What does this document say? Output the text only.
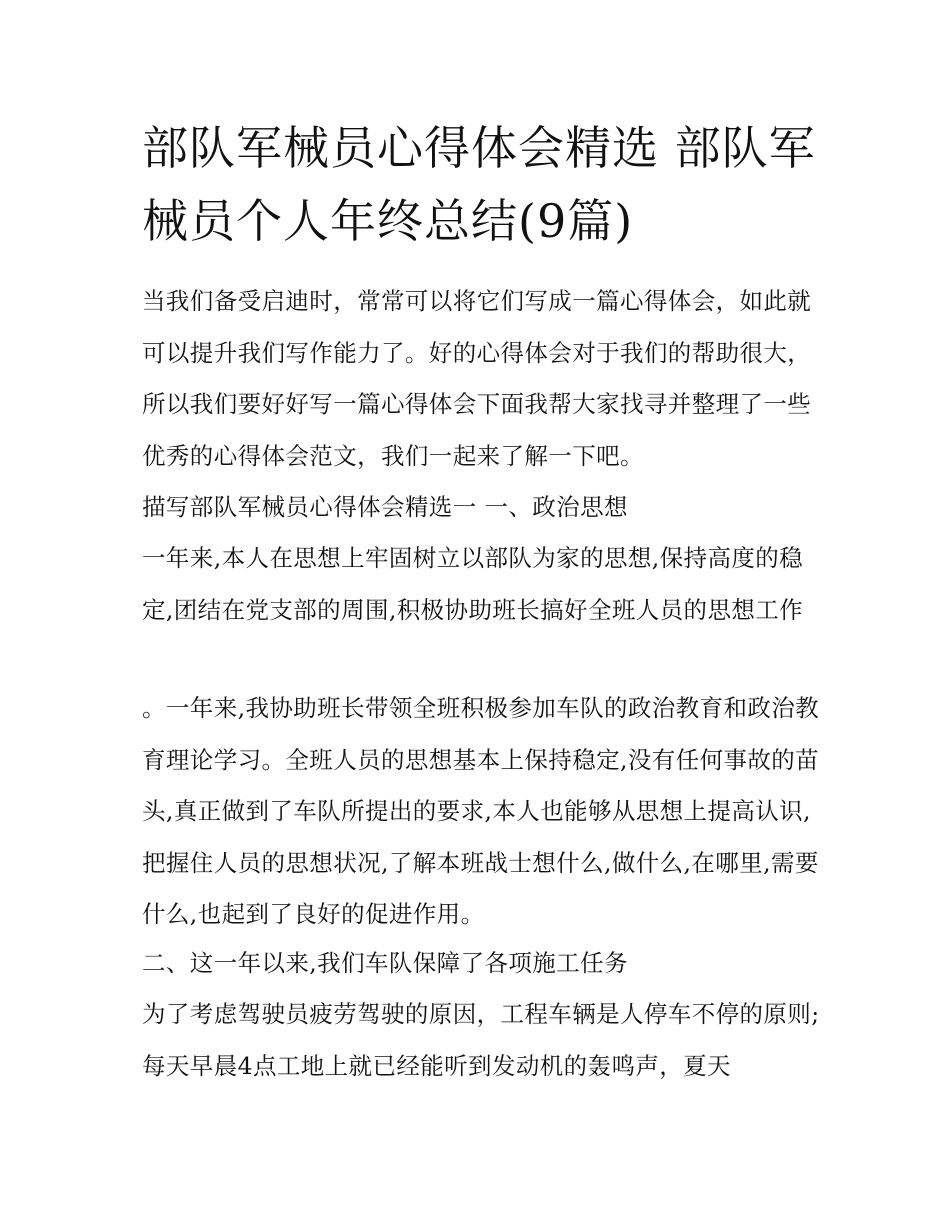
部队军械员心得体会精选 部队军械员个人年终总结(9篇)

当我们备受启迪时，常常可以将它们写成一篇心得体会，如此就可以提升我们写作能力了。好的心得体会对于我们的帮助很大，所以我们要好好写一篇心得体会下面我帮大家找寻并整理了一些优秀的心得体会范文，我们一起来了解一下吧。

描写部队军械员心得体会精选一 一、政治思想

一年来,本人在思想上牢固树立以部队为家的思想,保持高度的稳定,团结在党支部的周围,积极协助班长搞好全班人员的思想工作

。一年来,我协助班长带领全班积极参加车队的政治教育和政治教育理论学习。全班人员的思想基本上保持稳定,没有任何事故的苗头,真正做到了车队所提出的要求,本人也能够从思想上提高认识,把握住人员的思想状况,了解本班战士想什么,做什么,在哪里,需要什么,也起到了良好的促进作用。

二、这一年以来,我们车队保障了各项施工任务

为了考虑驾驶员疲劳驾驶的原因，工程车辆是人停车不停的原则;每天早晨4点工地上就已经能听到发动机的轰鸣声，夏天
